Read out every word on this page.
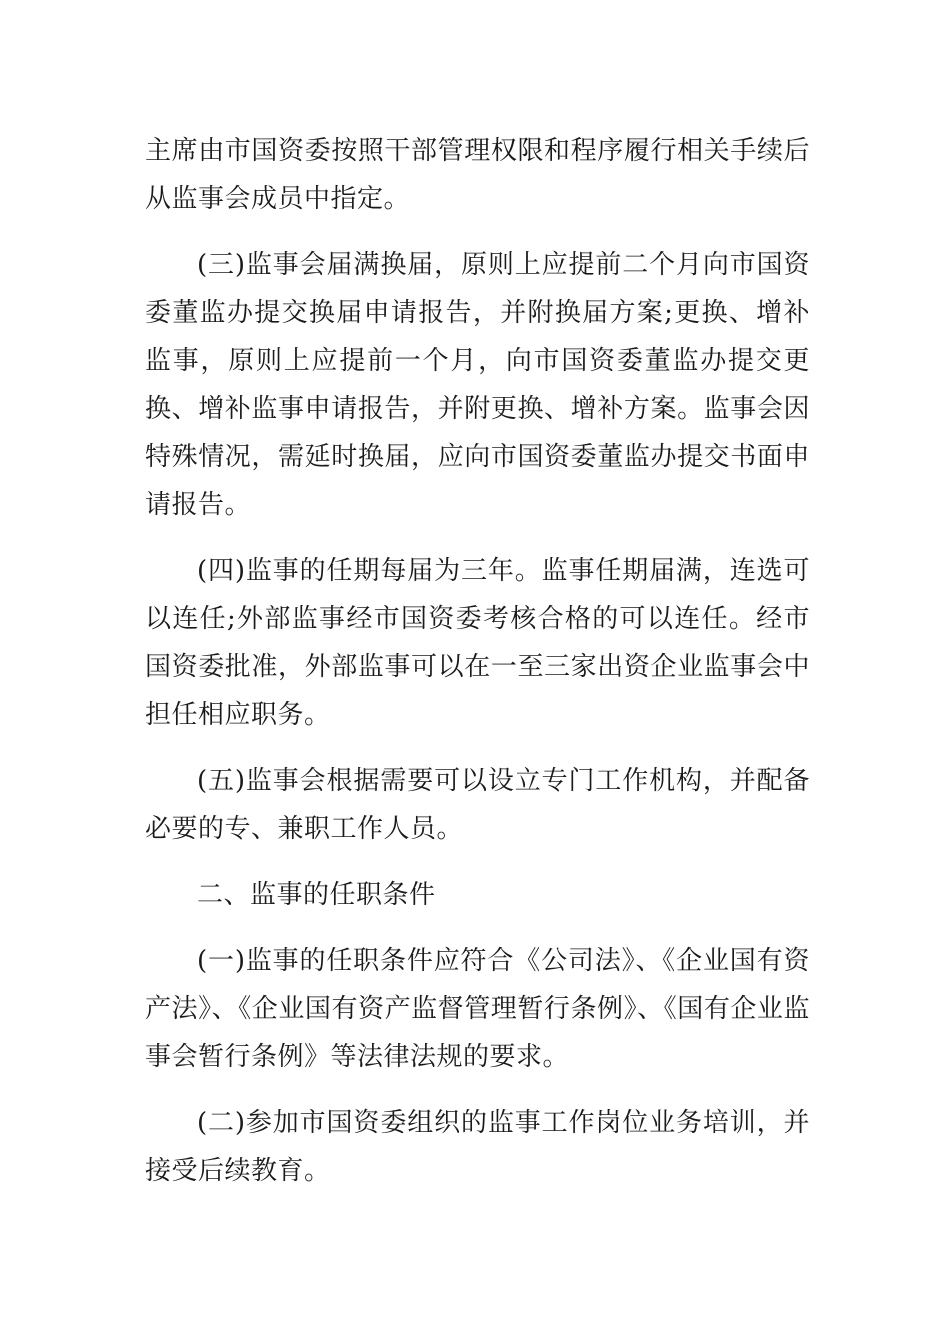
主席由市国资委按照干部管理权限和程序履行相关手续后从监事会成员中指定。

(三)监事会届满换届，原则上应提前二个月向市国资委董监办提交换届申请报告，并附换届方案;更换、增补监事，原则上应提前一个月，向市国资委董监办提交更换、增补监事申请报告，并附更换、增补方案。监事会因特殊情况，需延时换届，应向市国资委董监办提交书面申请报告。

(四)监事的任期每届为三年。监事任期届满，连选可以连任;外部监事经市国资委考核合格的可以连任。经市国资委批准，外部监事可以在一至三家出资企业监事会中担任相应职务。

(五)监事会根据需要可以设立专门工作机构，并配备必要的专、兼职工作人员。

二、监事的任职条件

(一)监事的任职条件应符合《公司法》、《企业国有资产法》、《企业国有资产监督管理暂行条例》、《国有企业监事会暂行条例》等法律法规的要求。

(二)参加市国资委组织的监事工作岗位业务培训，并接受后续教育。
